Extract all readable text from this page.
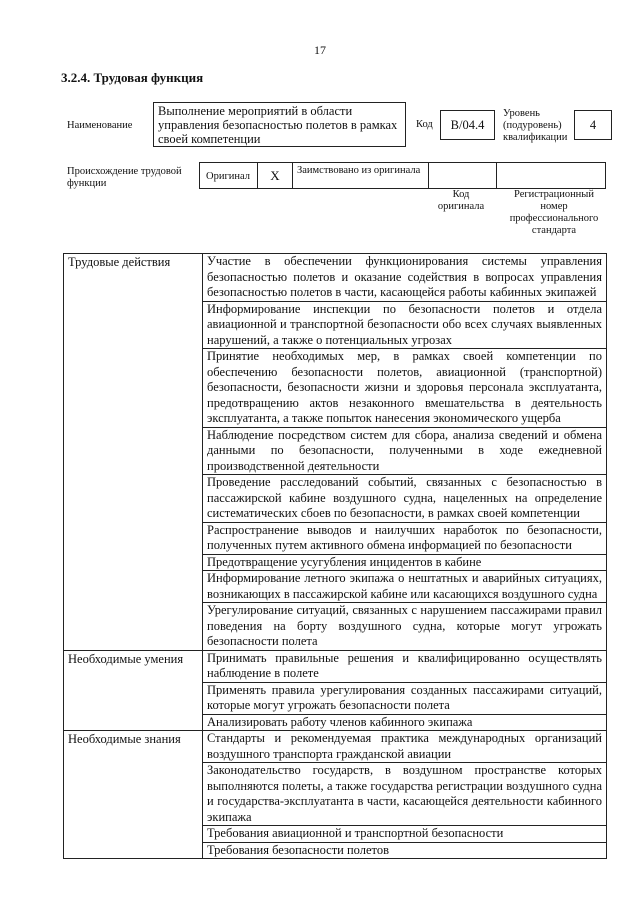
17
3.2.4. Трудовая функция
Наименование
Выполнение мероприятий в области управления безопасностью полетов в рамках своей компетенции
Код	B/04.4
Уровень (подуровень) квалификации
4
Происхождение трудовой функции
Оригинал	X	Заимствовано из оригинала
Код оригинала
Регистрационный номер профессионального стандарта
Трудовые действия	Участие в обеспечении функционирования системы управления безопасностью полетов и оказание содействия в вопросах управления безопасностью полетов в части, касающейся работы кабинных экипажей
	Информирование инспекции по безопасности полетов и отдела авиационной и транспортной безопасности обо всех случаях выявленных нарушений, а также о потенциальных угрозах
	Принятие необходимых мер, в рамках своей компетенции по обеспечению безопасности полетов, авиационной (транспортной) безопасности, безопасности жизни и здоровья персонала эксплуатанта, предотвращению актов незаконного вмешательства в деятельность эксплуатанта, а также попыток нанесения экономического ущерба
	Наблюдение посредством систем для сбора, анализа сведений и обмена данными по безопасности, полученными в ходе ежедневной производственной деятельности
	Проведение расследований событий, связанных с безопасностью в пассажирской кабине воздушного судна, нацеленных на определение систематических сбоев по безопасности, в рамках своей компетенции
	Распространение выводов и наилучших наработок по безопасности, полученных путем активного обмена информацией по безопасности
	Предотвращение усугубления инцидентов в кабине
	Информирование летного экипажа о нештатных и аварийных ситуациях, возникающих в пассажирской кабине или касающихся воздушного судна
	Урегулирование ситуаций, связанных с нарушением пассажирами правил поведения на борту воздушного судна, которые могут угрожать безопасности полета
Необходимые умения	Принимать правильные решения и квалифицированно осуществлять наблюдение в полете
	Применять правила урегулирования созданных пассажирами ситуаций, которые могут угрожать безопасности полета
	Анализировать работу членов кабинного экипажа
Необходимые знания	Стандарты и рекомендуемая практика международных организаций воздушного транспорта гражданской авиации
	Законодательство государств, в воздушном пространстве которых выполняются полеты, а также государства регистрации воздушного судна и государства-эксплуатанта в части, касающейся деятельности кабинного экипажа
	Требования авиационной и транспортной безопасности
	Требования безопасности полетов
